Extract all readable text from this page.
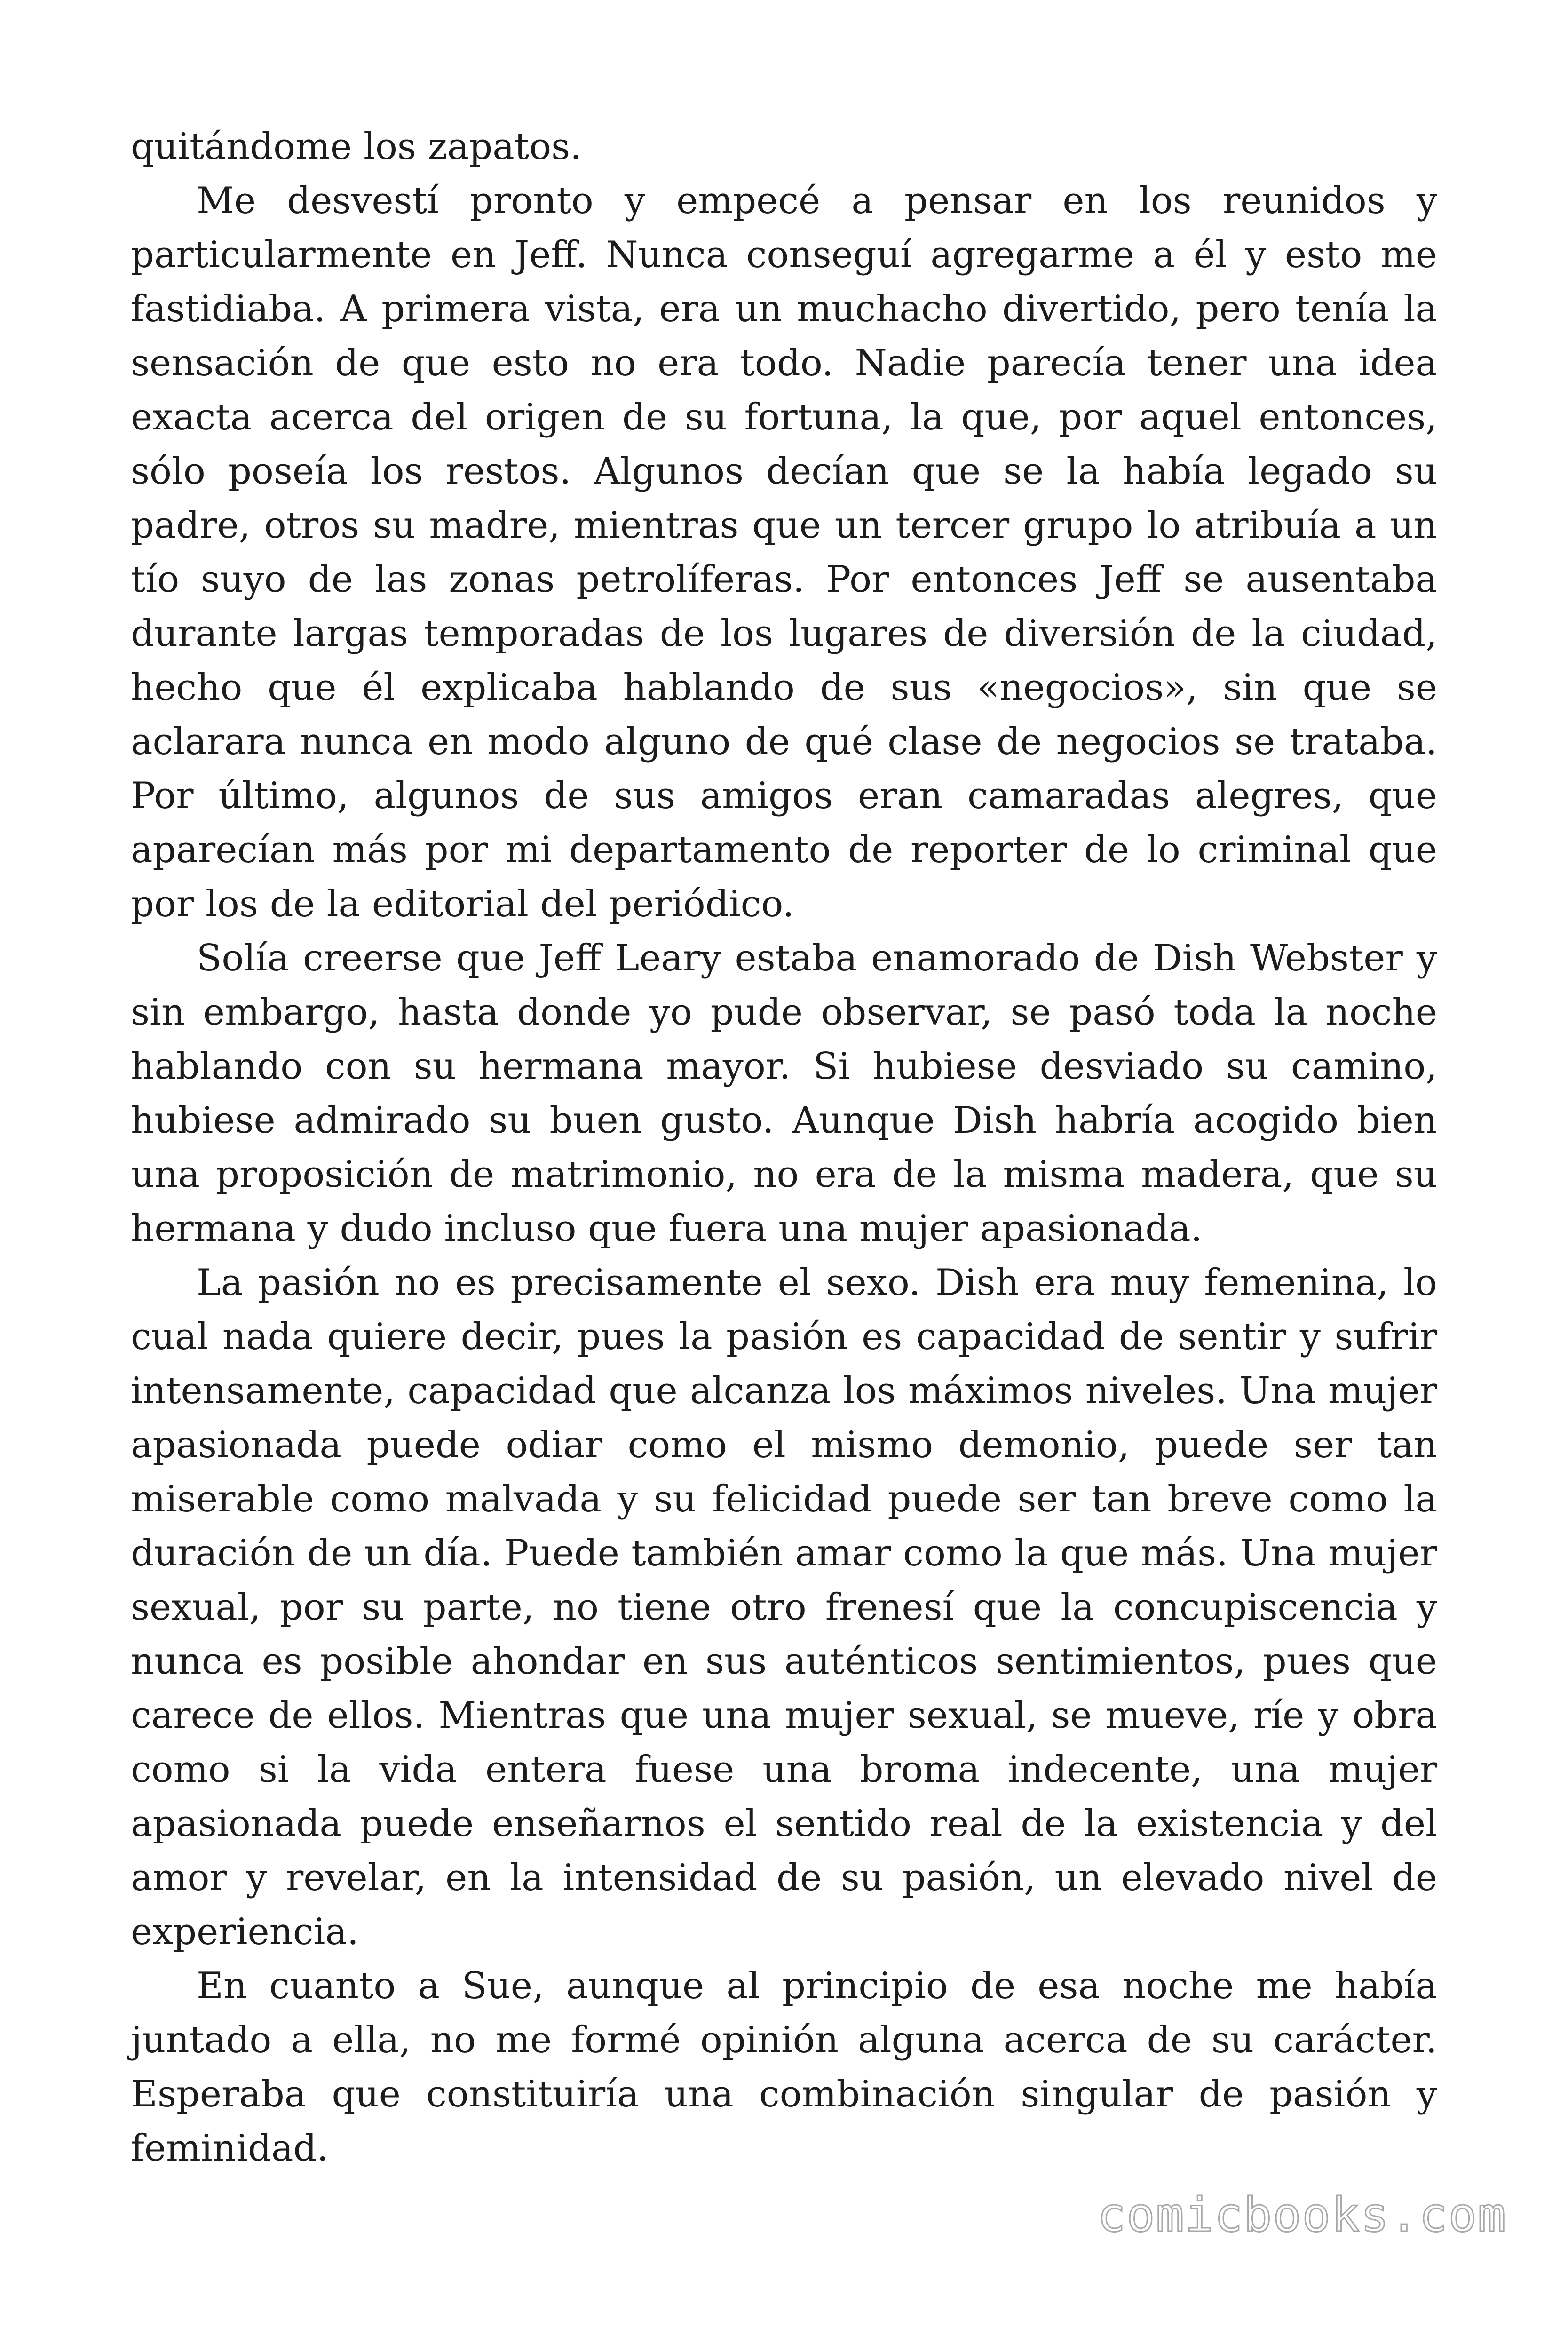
quitándome los zapatos.

Me desvestí pronto y empecé a pensar en los reunidos y particularmente en Jeff. Nunca conseguí agregarme a él y esto me fastidiaba. A primera vista, era un muchacho divertido, pero tenía la sensación de que esto no era todo. Nadie parecía tener una idea exacta acerca del origen de su fortuna, la que, por aquel entonces, sólo poseía los restos. Algunos decían que se la había legado su padre, otros su madre, mientras que un tercer grupo lo atribuía a un tío suyo de las zonas petrolíferas. Por entonces Jeff se ausentaba durante largas temporadas de los lugares de diversión de la ciudad, hecho que él explicaba hablando de sus «negocios», sin que se aclarara nunca en modo alguno de qué clase de negocios se trataba. Por último, algunos de sus amigos eran camaradas alegres, que aparecían más por mi departamento de reporter de lo criminal que por los de la editorial del periódico.

Solía creerse que Jeff Leary estaba enamorado de Dish Webster y sin embargo, hasta donde yo pude observar, se pasó toda la noche hablando con su hermana mayor. Si hubiese desviado su camino, hubiese admirado su buen gusto. Aunque Dish habría acogido bien una proposición de matrimonio, no era de la misma madera, que su hermana y dudo incluso que fuera una mujer apasionada.

La pasión no es precisamente el sexo. Dish era muy femenina, lo cual nada quiere decir, pues la pasión es capacidad de sentir y sufrir intensamente, capacidad que alcanza los máximos niveles. Una mujer apasionada puede odiar como el mismo demonio, puede ser tan miserable como malvada y su felicidad puede ser tan breve como la duración de un día. Puede también amar como la que más. Una mujer sexual, por su parte, no tiene otro frenesí que la concupiscencia y nunca es posible ahondar en sus auténticos sentimientos, pues que carece de ellos. Mientras que una mujer sexual, se mueve, ríe y obra como si la vida entera fuese una broma indecente, una mujer apasionada puede enseñarnos el sentido real de la existencia y del amor y revelar, en la intensidad de su pasión, un elevado nivel de experiencia.

En cuanto a Sue, aunque al principio de esa noche me había juntado a ella, no me formé opinión alguna acerca de su carácter. Esperaba que constituiría una combinación singular de pasión y feminidad.

comicbooks.com
